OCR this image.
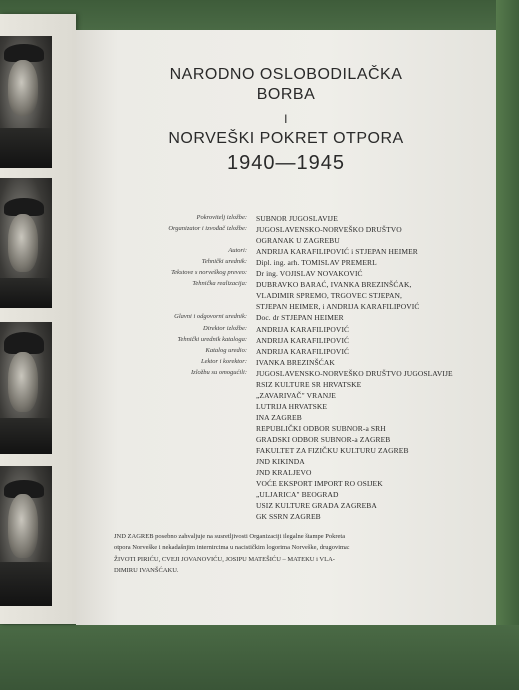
NARODNO OSLOBODILAČKA
BORBA
I
NORVEŠKI POKRET OTPORA
1940—1945
Pokrovitelj izložbe: SUBNOR JUGOSLAVIJE
Organizator i izvođač izložbe: JUGOSLAVENSKO-NORVEŠKO DRUŠTVO
OGRANAK U ZAGREBU
Autori: ANDRIJA KARAFILIPOVIĆ i STJEPAN HEIMER
Tehnički urednik: Dipl. ing. arh. TOMISLAV PREMERL
Tekstove s norveškog preveo: Dr ing. VOJISLAV NOVAKOVIĆ
Tehnička realizacija: DUBRAVKO BARAĆ, IVANKA BREZINŠĆAK,
VLADIMIR SPREMO, TRGOVEC STJEPAN,
STJEPAN HEIMER, i ANDRIJA KARAFILIPOVIĆ
Glavni i odgovorni urednik: Doc. dr STJEPAN HEIMER
Direktor izložbe: ANDRIJA KARAFILIPOVIĆ
Tehnički urednik kataloga: ANDRIJA KARAFILIPOVIĆ
Katalog uredio: ANDRIJA KARAFILIPOVIĆ
Lektor i korektor: IVANKA BREZINŠĆAK
Izložbu su omogućili: JUGOSLAVENSKO-NORVEŠKO DRUŠTVO JUGOSLAVIJE
RSIZ KULTURE SR HRVATSKE
„ZAVARIVAČ" VRANJE
LUTRIJA HRVATSKE
INA ZAGREB
REPUBLIČKI ODBOR SUBNOR-a SRH
GRADSKI ODBOR SUBNOR-a ZAGREB
FAKULTET ZA FIZIČKU KULTURU ZAGREB
JND KIKINDA
JND KRALJEVO
VOĆE EKSPORT IMPORT RO OSIJEK
„ULJARICA" BEOGRAD
USIZ KULTURE GRADA ZAGREBA
GK SSRN ZAGREB
JND ZAGREB posebno zahvaljuje na susretljivosti Organizaciji ilegalne štampe Pokreta
otpora Norveške i nekadašnjim internircima u nacističkim logorima Norveške, drugovima:
ŽIVOTI PIRIĆU, CVEJI JOVANOVIĆU, JOSIPU MATEŠIĆU – MATEKU i VLA-
DIMIRU IVANŠĆAKU.
